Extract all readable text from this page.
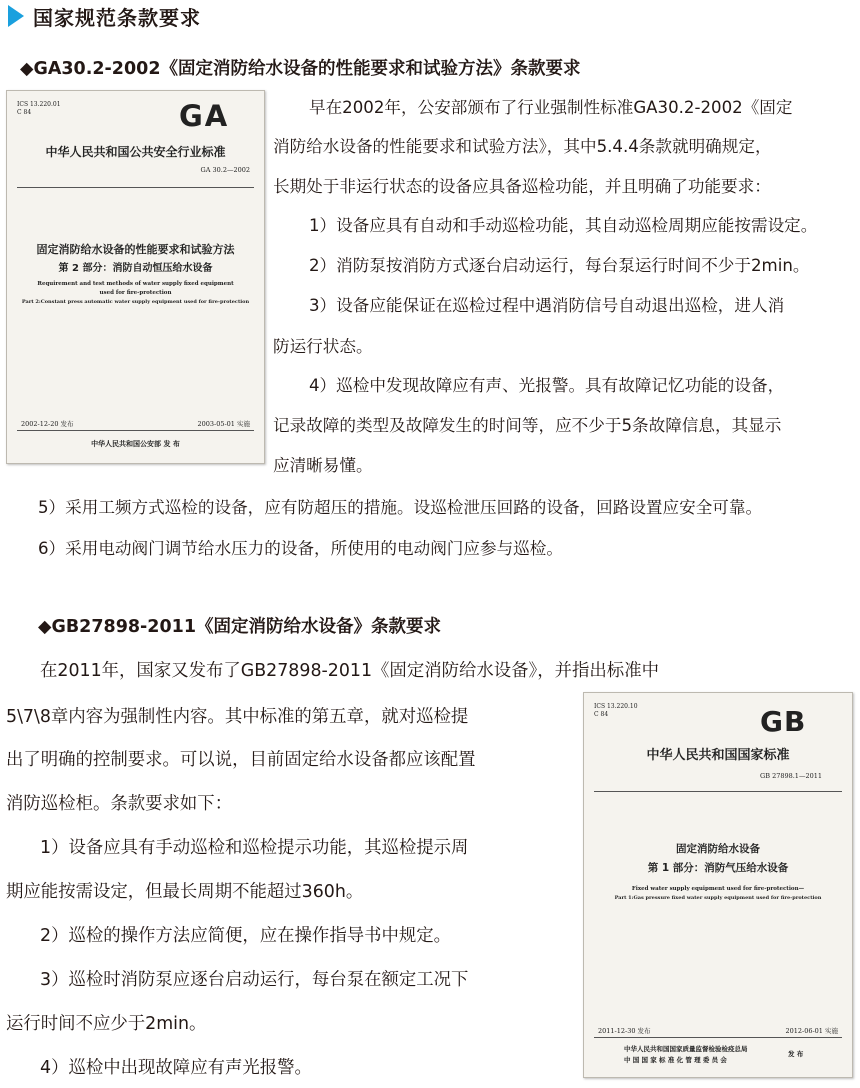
国家规范条款要求
◆GA30.2-2002《固定消防给水设备的性能要求和试验方法》条款要求
ICS 13.220.01
C 84	GA
中华人民共和国公共安全行业标准
GA 30.2—2002
固定消防给水设备的性能要求和试验方法
第 2 部分：消防自动恒压给水设备
Requirement and test methods of water supply fixed equipment
used for fire-protection
Part 2:Constant press automatic water supply equipment used for fire-protection
2002-12-20 发布	2003-05-01 实施
中华人民共和国公安部 发 布
早在2002年，公安部颁布了行业强制性标准GA30.2-2002《固定
消防给水设备的性能要求和试验方法》，其中5.4.4条款就明确规定，
长期处于非运行状态的设备应具备巡检功能，并且明确了功能要求：
1）设备应具有自动和手动巡检功能，其自动巡检周期应能按需设定。
2）消防泵按消防方式逐台启动运行，每台泵运行时间不少于2min。
3）设备应能保证在巡检过程中遇消防信号自动退出巡检，进人消
防运行状态。
4）巡检中发现故障应有声、光报警。具有故障记忆功能的设备，
记录故障的类型及故障发生的时间等，应不少于5条故障信息，其显示
应清晰易懂。
5）采用工频方式巡检的设备，应有防超压的措施。设巡检泄压回路的设备，回路设置应安全可靠。
6）采用电动阀门调节给水压力的设备，所使用的电动阀门应参与巡检。
◆GB27898-2011《固定消防给水设备》条款要求
在2011年，国家又发布了GB27898-2011《固定消防给水设备》，并指出标准中
5\7\8章内容为强制性内容。其中标准的第五章，就对巡检提
出了明确的控制要求。可以说，目前固定给水设备都应该配置
消防巡检柜。条款要求如下：
1）设备应具有手动巡检和巡检提示功能，其巡检提示周
期应能按需设定，但最长周期不能超过360h。
2）巡检的操作方法应简便，应在操作指导书中规定。
3）巡检时消防泵应逐台启动运行，每台泵在额定工况下
运行时间不应少于2min。
4）巡检中出现故障应有声光报警。
ICS 13.220.10
C 84	GB
中华人民共和国国家标准
GB 27898.1—2011
固定消防给水设备
第 1 部分：消防气压给水设备
Fixed water supply equipment used for fire-protection—
Part 1:Gas pressure fixed water supply equipment used for fire-protection
2011-12-30 发布	2012-06-01 实施
中华人民共和国国家质量监督检验检疫总局
中 国 国 家 标 准 化 管 理 委 员 会
发 布
